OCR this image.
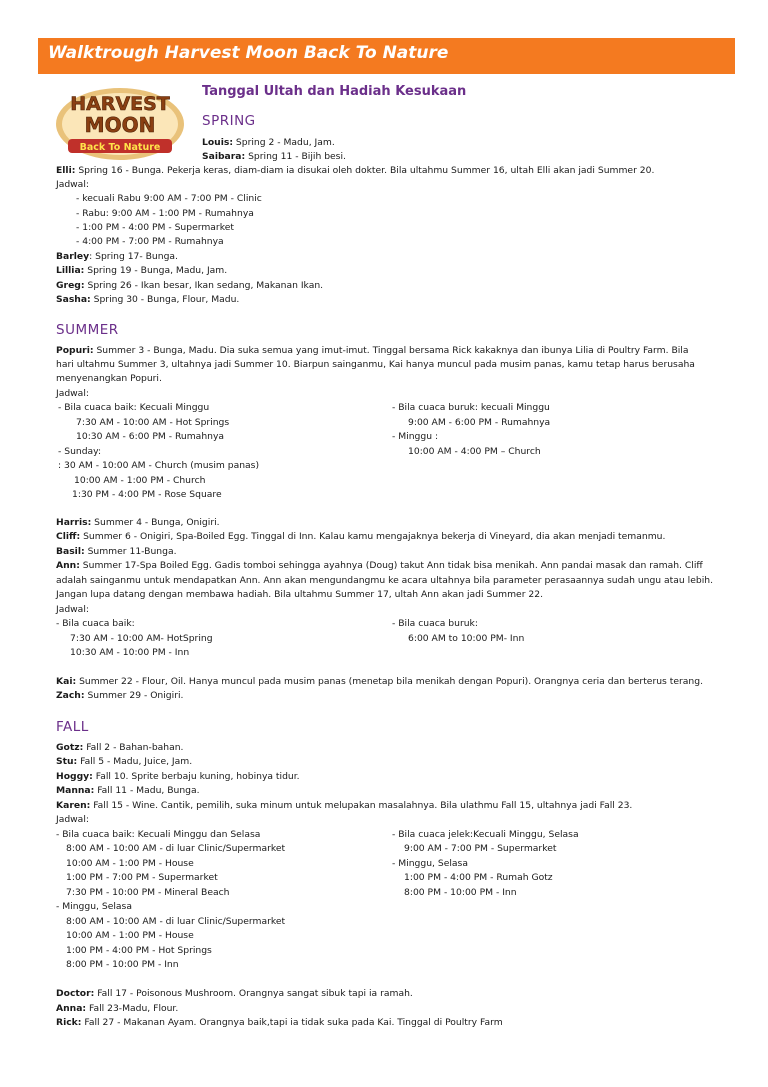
Walktrough Harvest Moon Back To Nature
HARVEST
MOON
Back To Nature
Tanggal Ultah dan Hadiah Kesukaan
SPRING
Louis: Spring 2 - Madu, Jam.
Saibara: Spring 11 - Bijih besi.
Elli: Spring 16 - Bunga. Pekerja keras, diam-diam ia disukai oleh dokter. Bila ultahmu Summer 16, ultah Elli akan jadi Summer 20.
Jadwal:
- kecuali Rabu 9:00 AM - 7:00 PM - Clinic
- Rabu: 9:00 AM - 1:00 PM - Rumahnya
- 1:00 PM - 4:00 PM - Supermarket
- 4:00 PM - 7:00 PM - Rumahnya
Barley: Spring 17- Bunga.
Lillia: Spring 19 - Bunga, Madu, Jam.
Greg: Spring 26 - Ikan besar, Ikan sedang, Makanan Ikan.
Sasha: Spring 30 - Bunga, Flour, Madu.
SUMMER
Popuri: Summer 3 - Bunga, Madu. Dia suka semua yang imut-imut. Tinggal bersama Rick kakaknya dan ibunya Lilia di Poultry Farm. Bila
hari ultahmu Summer 3, ultahnya jadi Summer 10. Biarpun sainganmu, Kai hanya muncul pada musim panas, kamu tetap harus berusaha
menyenangkan Popuri.
Jadwal:
- Bila cuaca baik: Kecuali Minggu
7:30 AM - 10:00 AM - Hot Springs
10:30 AM - 6:00 PM - Rumahnya
- Sunday:
: 30 AM - 10:00 AM - Church (musim panas)
10:00 AM - 1:00 PM - Church
1:30 PM - 4:00 PM - Rose Square
- Bila cuaca buruk: kecuali Minggu
9:00 AM - 6:00 PM - Rumahnya
- Minggu :
10:00 AM - 4:00 PM – Church
Harris: Summer 4 - Bunga, Onigiri.
Cliff: Summer 6 - Onigiri, Spa-Boiled Egg. Tinggal di Inn. Kalau kamu mengajaknya bekerja di Vineyard, dia akan menjadi temanmu.
Basil: Summer 11-Bunga.
Ann: Summer 17-Spa Boiled Egg. Gadis tomboi sehingga ayahnya (Doug) takut Ann tidak bisa menikah. Ann pandai masak dan ramah. Cliff
adalah sainganmu untuk mendapatkan Ann. Ann akan mengundangmu ke acara ultahnya bila parameter perasaannya sudah ungu atau lebih.
Jangan lupa datang dengan membawa hadiah. Bila ultahmu Summer 17, ultah Ann akan jadi Summer 22.
Jadwal:
- Bila cuaca baik:
7:30 AM - 10:00 AM- HotSpring
10:30 AM - 10:00 PM - Inn
- Bila cuaca buruk:
6:00 AM to 10:00 PM- Inn
Kai: Summer 22 - Flour, Oil. Hanya muncul pada musim panas (menetap bila menikah dengan Popuri). Orangnya ceria dan berterus terang.
Zach: Summer 29 - Onigiri.
FALL
Gotz: Fall 2 - Bahan-bahan.
Stu: Fall 5 - Madu, Juice, Jam.
Hoggy: Fall 10. Sprite berbaju kuning, hobinya tidur.
Manna: Fall 11 - Madu, Bunga.
Karen: Fall 15 - Wine. Cantik, pemilih, suka minum untuk melupakan masalahnya. Bila ulathmu Fall 15, ultahnya jadi Fall 23.
Jadwal:
- Bila cuaca baik: Kecuali Minggu dan Selasa
8:00 AM - 10:00 AM - di luar Clinic/Supermarket
10:00 AM - 1:00 PM - House
1:00 PM - 7:00 PM - Supermarket
7:30 PM - 10:00 PM - Mineral Beach
- Minggu, Selasa
8:00 AM - 10:00 AM - di luar Clinic/Supermarket
10:00 AM - 1:00 PM - House
1:00 PM - 4:00 PM - Hot Springs
8:00 PM - 10:00 PM - Inn
- Bila cuaca jelek:Kecuali Minggu, Selasa
9:00 AM - 7:00 PM - Supermarket
- Minggu, Selasa
1:00 PM - 4:00 PM - Rumah Gotz
8:00 PM - 10:00 PM - Inn
Doctor: Fall 17 - Poisonous Mushroom. Orangnya sangat sibuk tapi ia ramah.
Anna: Fall 23-Madu, Flour.
Rick: Fall 27 - Makanan Ayam. Orangnya baik,tapi ia tidak suka pada Kai. Tinggal di Poultry Farm
